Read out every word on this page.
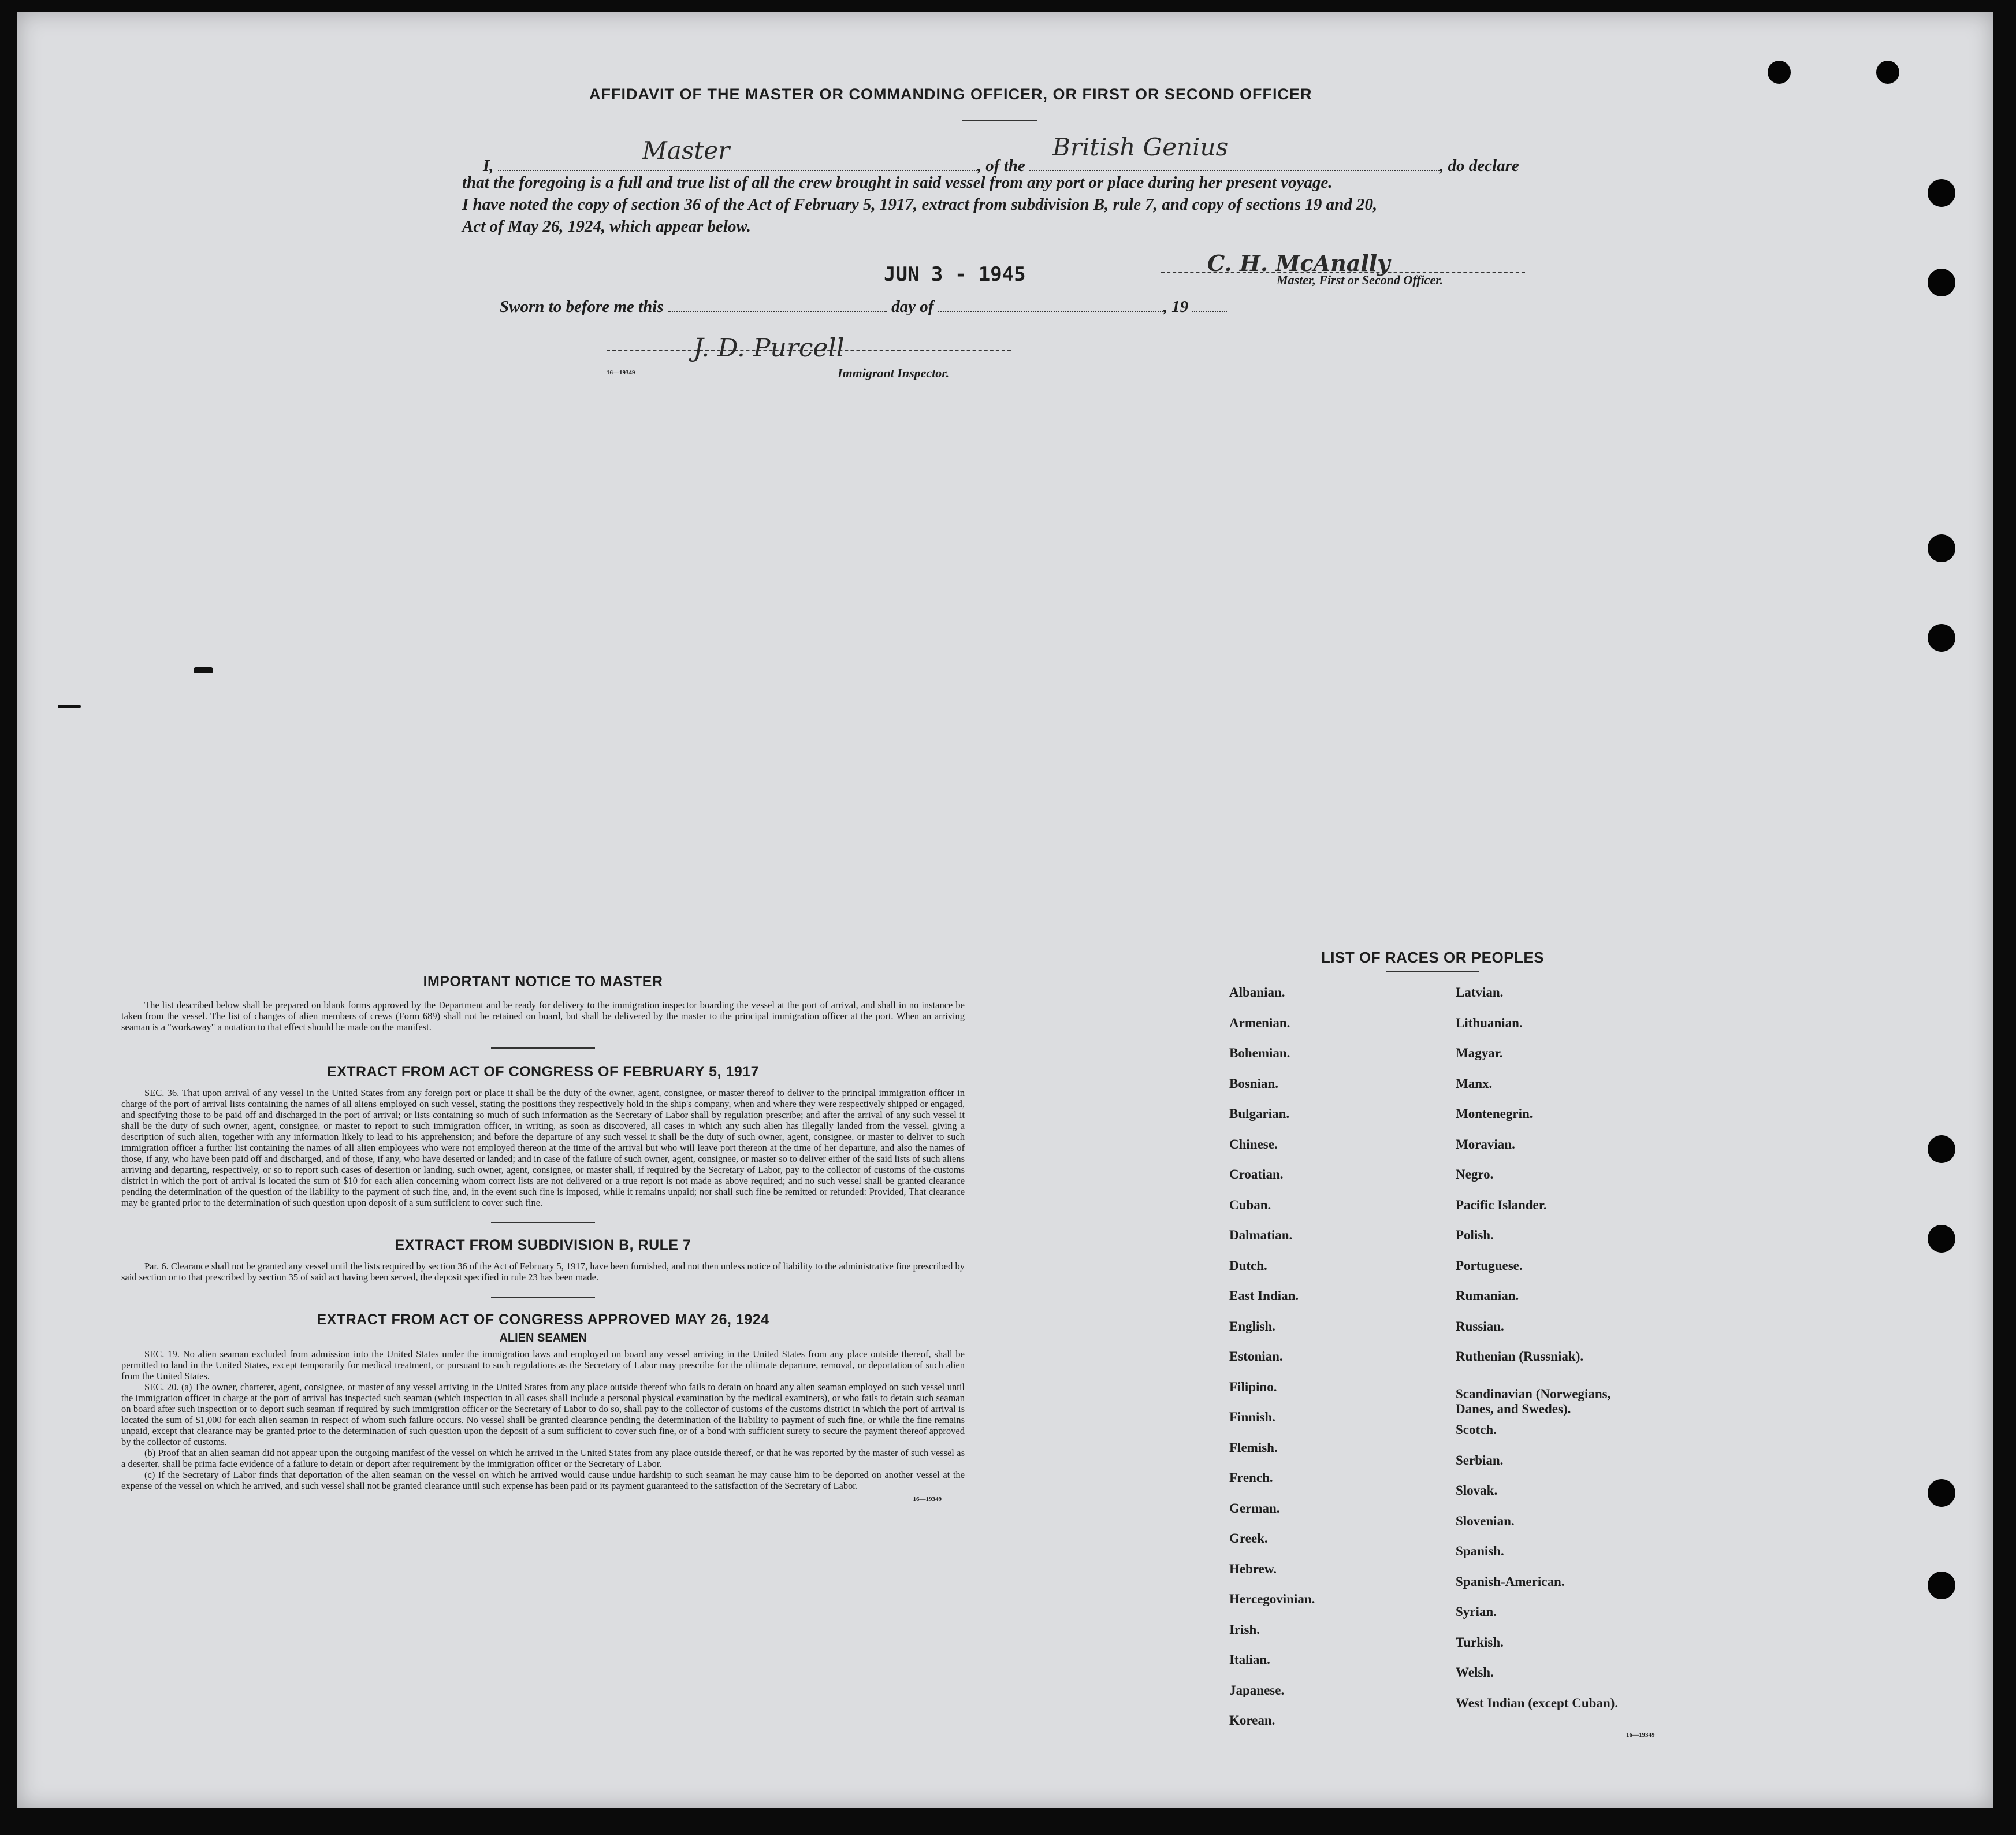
AFFIDAVIT OF THE MASTER OR COMMANDING OFFICER, OR FIRST OR SECOND OFFICER
I,
Master
, of the
British Genius
, do declare
that the foregoing is a full and true list of all the crew brought in said vessel from any port or place during her present voyage.
I have noted the copy of section 36 of the Act of February 5, 1917, extract from subdivision B, rule 7, and copy of sections 19 and 20,
Act of May 26, 1924, which appear below.
JUN 3 - 1945	C. H. McAnally
Master, First or Second Officer.
Sworn to before me this	day of	, 19
J. D. Purcell
16—19349	Immigrant Inspector.
IMPORTANT NOTICE TO MASTER

The list described below shall be prepared on blank forms approved by the Department and be ready for delivery to the immigration inspector boarding the vessel at the port of arrival, and shall in no instance be taken from the vessel. The list of changes of alien members of crews (Form 689) shall not be retained on board, but shall be delivered by the master to the principal immigration officer at the port. When an arriving seaman is a "workaway" a notation to that effect should be made on the manifest.

EXTRACT FROM ACT OF CONGRESS OF FEBRUARY 5, 1917

SEC. 36. That upon arrival of any vessel in the United States from any foreign port or place it shall be the duty of the owner, agent, consignee, or master thereof to deliver to the principal immigration officer in charge of the port of arrival lists containing the names of all aliens employed on such vessel, stating the positions they respectively hold in the ship's company, when and where they were respectively shipped or engaged, and specifying those to be paid off and discharged in the port of arrival; or lists containing so much of such information as the Secretary of Labor shall by regulation prescribe; and after the arrival of any such vessel it shall be the duty of such owner, agent, consignee, or master to report to such immigration officer, in writing, as soon as discovered, all cases in which any such alien has illegally landed from the vessel, giving a description of such alien, together with any information likely to lead to his apprehension; and before the departure of any such vessel it shall be the duty of such owner, agent, consignee, or master to deliver to such immigration officer a further list containing the names of all alien employees who were not employed thereon at the time of the arrival but who will leave port thereon at the time of her departure, and also the names of those, if any, who have been paid off and discharged, and of those, if any, who have deserted or landed; and in case of the failure of such owner, agent, consignee, or master so to deliver either of the said lists of such aliens arriving and departing, respectively, or so to report such cases of desertion or landing, such owner, agent, consignee, or master shall, if required by the Secretary of Labor, pay to the collector of customs of the customs district in which the port of arrival is located the sum of $10 for each alien concerning whom correct lists are not delivered or a true report is not made as above required; and no such vessel shall be granted clearance pending the determination of the question of the liability to the payment of such fine, and, in the event such fine is imposed, while it remains unpaid; nor shall such fine be remitted or refunded: Provided, That clearance may be granted prior to the determination of such question upon deposit of a sum sufficient to cover such fine.

EXTRACT FROM SUBDIVISION B, RULE 7

Par. 6. Clearance shall not be granted any vessel until the lists required by section 36 of the Act of February 5, 1917, have been furnished, and not then unless notice of liability to the administrative fine prescribed by said section or to that prescribed by section 35 of said act having been served, the deposit specified in rule 23 has been made.

EXTRACT FROM ACT OF CONGRESS APPROVED MAY 26, 1924
ALIEN SEAMEN

SEC. 19. No alien seaman excluded from admission into the United States under the immigration laws and employed on board any vessel arriving in the United States from any place outside thereof, shall be permitted to land in the United States, except temporarily for medical treatment, or pursuant to such regulations as the Secretary of Labor may prescribe for the ultimate departure, removal, or deportation of such alien from the United States.

SEC. 20. (a) The owner, charterer, agent, consignee, or master of any vessel arriving in the United States from any place outside thereof who fails to detain on board any alien seaman employed on such vessel until the immigration officer in charge at the port of arrival has inspected such seaman (which inspection in all cases shall include a personal physical examination by the medical examiners), or who fails to detain such seaman on board after such inspection or to deport such seaman if required by such immigration officer or the Secretary of Labor to do so, shall pay to the collector of customs of the customs district in which the port of arrival is located the sum of $1,000 for each alien seaman in respect of whom such failure occurs. No vessel shall be granted clearance pending the determination of the liability to payment of such fine, or while the fine remains unpaid, except that clearance may be granted prior to the determination of such question upon the deposit of a sum sufficient to cover such fine, or of a bond with sufficient surety to secure the payment thereof approved by the collector of customs.

(b) Proof that an alien seaman did not appear upon the outgoing manifest of the vessel on which he arrived in the United States from any place outside thereof, or that he was reported by the master of such vessel as a deserter, shall be prima facie evidence of a failure to detain or deport after requirement by the immigration officer or the Secretary of Labor.

(c) If the Secretary of Labor finds that deportation of the alien seaman on the vessel on which he arrived would cause undue hardship to such seaman he may cause him to be deported on another vessel at the expense of the vessel on which he arrived, and such vessel shall not be granted clearance until such expense has been paid or its payment guaranteed to the satisfaction of the Secretary of Labor.

16—19349
LIST OF RACES OR PEOPLES
16—19349
Albanian.
Armenian.
Bohemian.
Bosnian.
Bulgarian.
Chinese.
Croatian.
Cuban.
Dalmatian.
Dutch.
East Indian.
English.
Estonian.
Filipino.
Finnish.
Flemish.
French.
German.
Greek.
Hebrew.
Hercegovinian.
Irish.
Italian.
Japanese.
Korean.
Latvian.
Lithuanian.
Magyar.
Manx.
Montenegrin.
Moravian.
Negro.
Pacific Islander.
Polish.
Portuguese.
Rumanian.
Russian.
Ruthenian (Russniak).
Scandinavian (Norwegians,
Danes, and Swedes).
Scotch.
Serbian.
Slovak.
Slovenian.
Spanish.
Spanish-American.
Syrian.
Turkish.
Welsh.
West Indian (except Cuban).
